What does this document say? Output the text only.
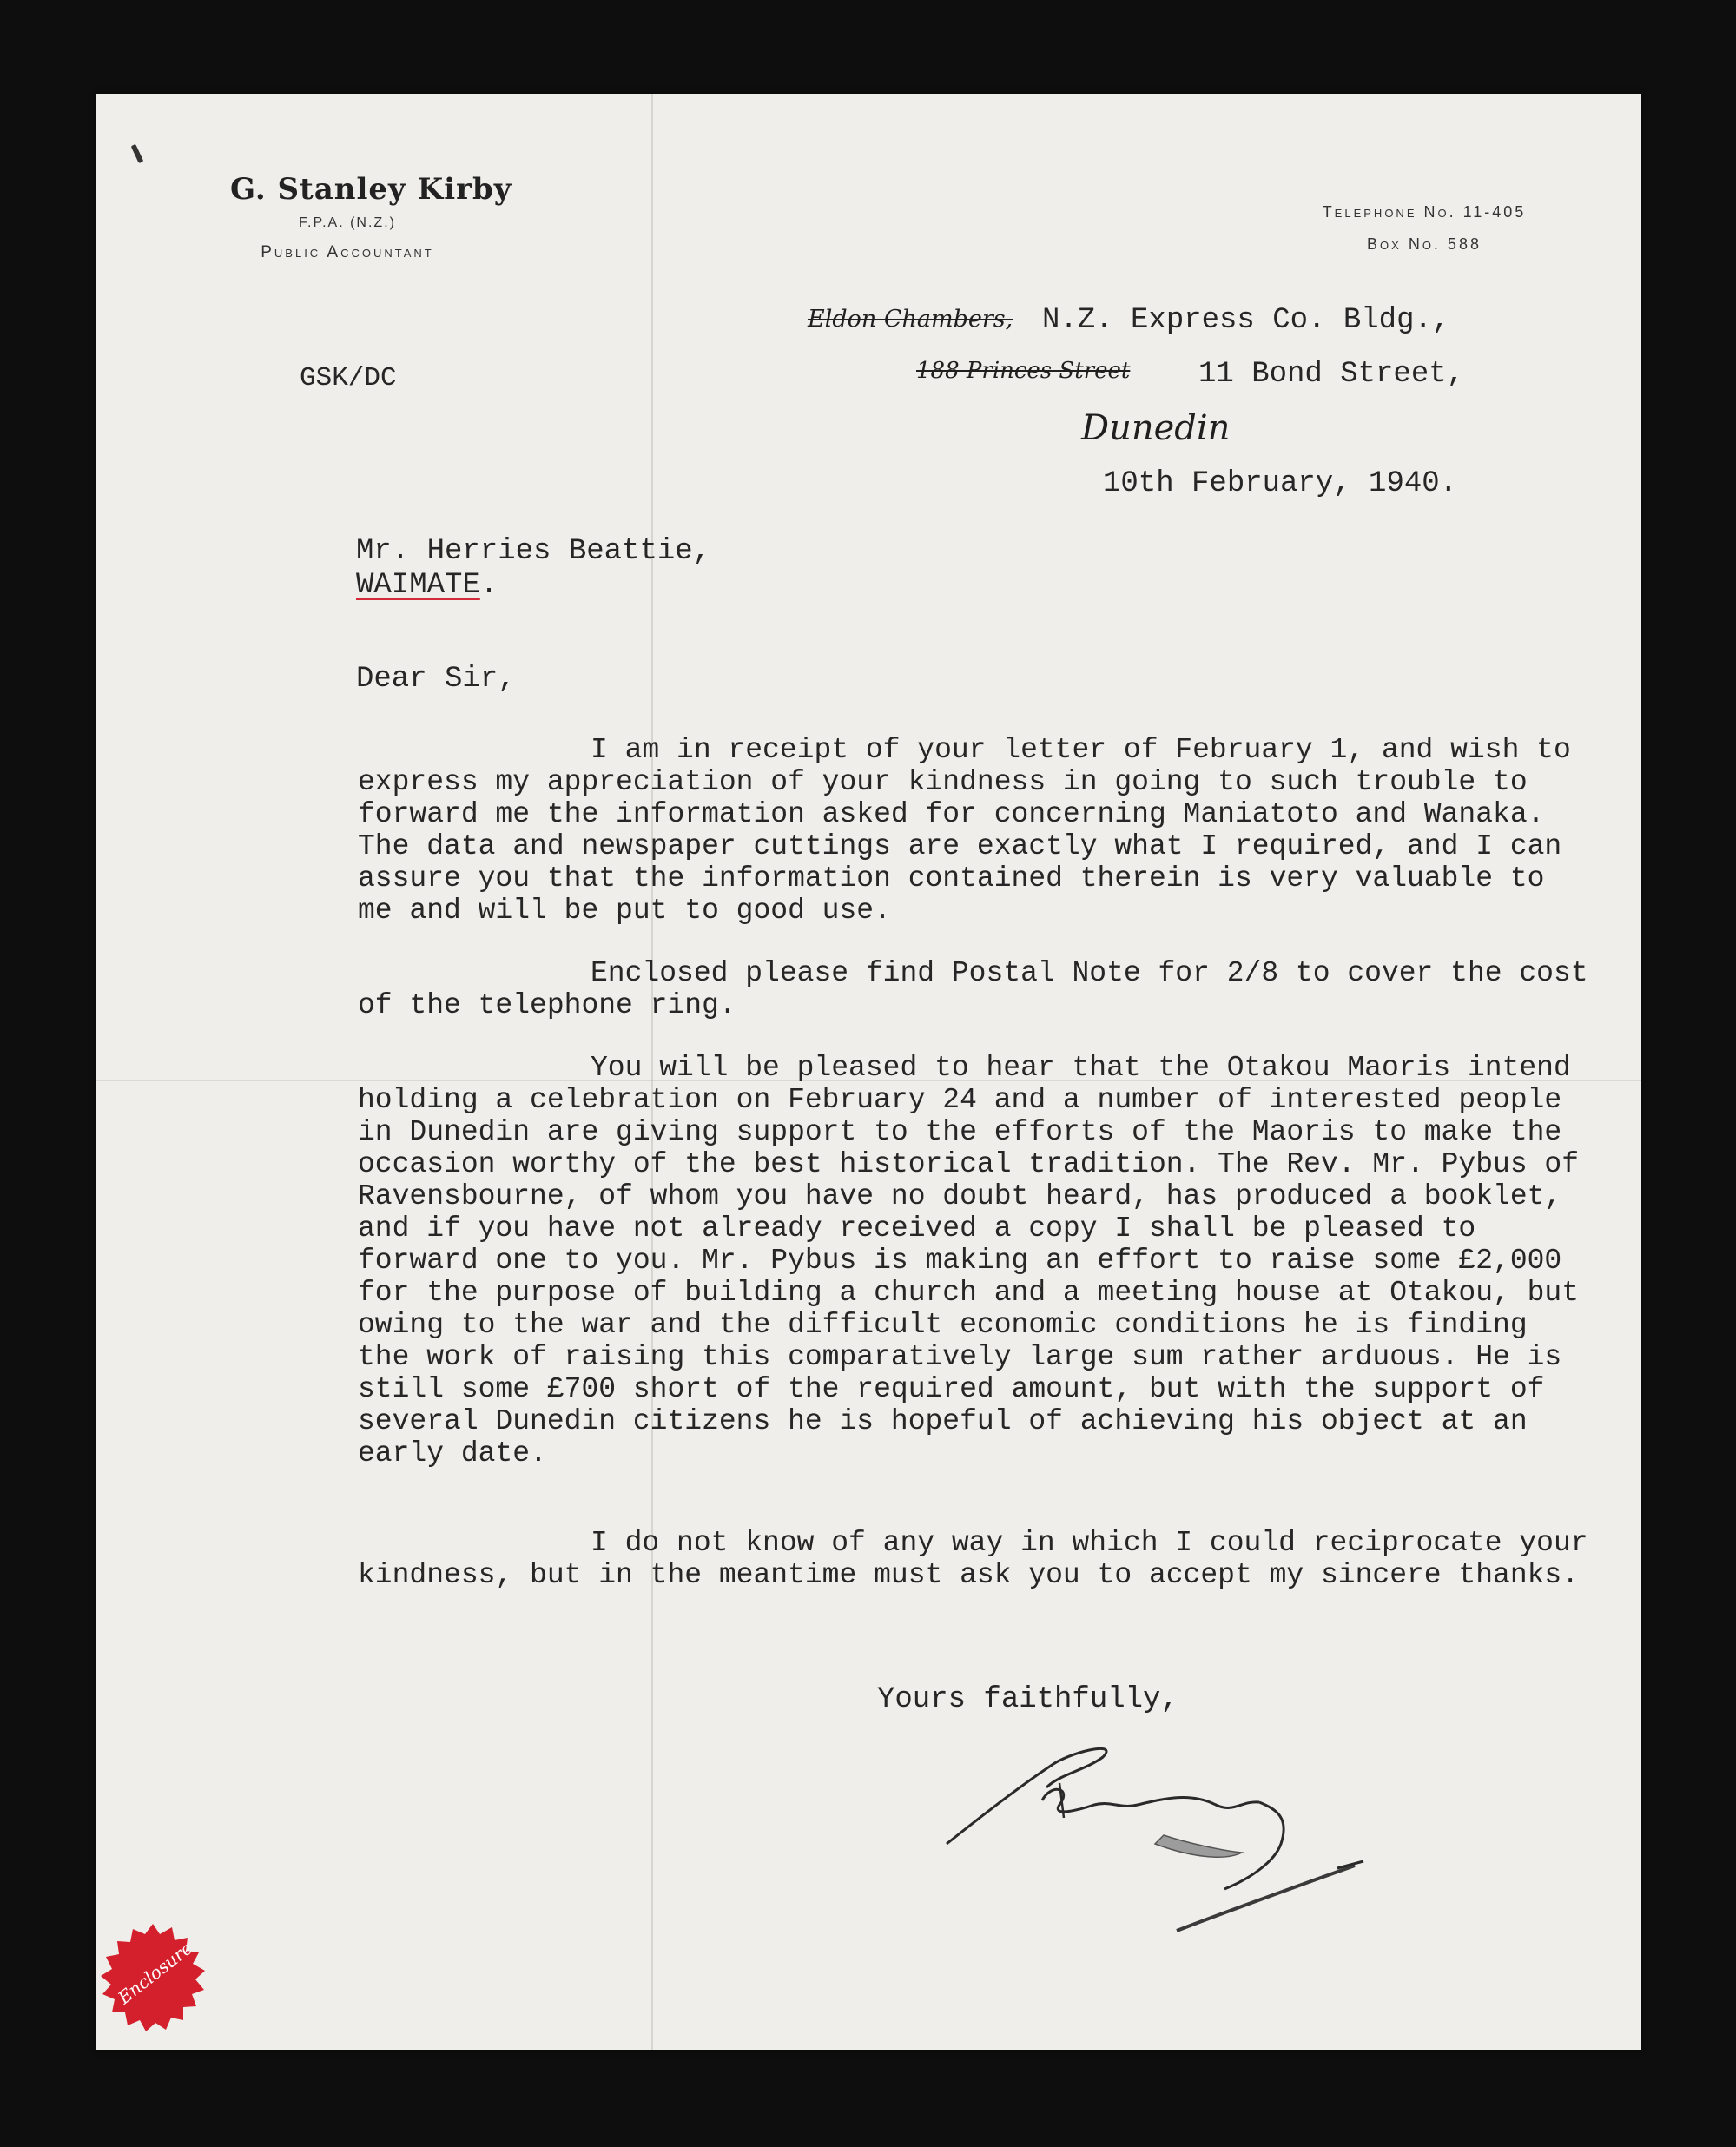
G. Stanley Kirby
F.P.A. (N.Z.)
Public Accountant
Telephone No. 11-405
Box No. 588
GSK/DC
Eldon Chambers, N.Z. Express Co. Bldg.,
188 Princes Street 11 Bond Street,
Dunedin
10th February, 1940.
Mr. Herries Beattie,
WAIMATE.
Dear Sir,
I am in receipt of your letter of February 1, and wish to express my appreciation of your kindness in going to such trouble to forward me the information asked for concerning Maniatoto and Wanaka. The data and newspaper cuttings are exactly what I required, and I can assure you that the information contained therein is very valuable to me and will be put to good use.
Enclosed please find Postal Note for 2/8 to cover the cost of the telephone ring.
You will be pleased to hear that the Otakou Maoris intend holding a celebration on February 24 and a number of interested people in Dunedin are giving support to the efforts of the Maoris to make the occasion worthy of the best historical tradition. The Rev. Mr. Pybus of Ravensbourne, of whom you have no doubt heard, has produced a booklet, and if you have not already received a copy I shall be pleased to forward one to you. Mr. Pybus is making an effort to raise some £2,000 for the purpose of building a church and a meeting house at Otakou, but owing to the war and the difficult economic conditions he is finding the work of raising this comparatively large sum rather arduous. He is still some £700 short of the required amount, but with the support of several Dunedin citizens he is hopeful of achieving his object at an early date.
I do not know of any way in which I could reciprocate your kindness, but in the meantime must ask you to accept my sincere thanks.
Yours faithfully,
Enclosure
